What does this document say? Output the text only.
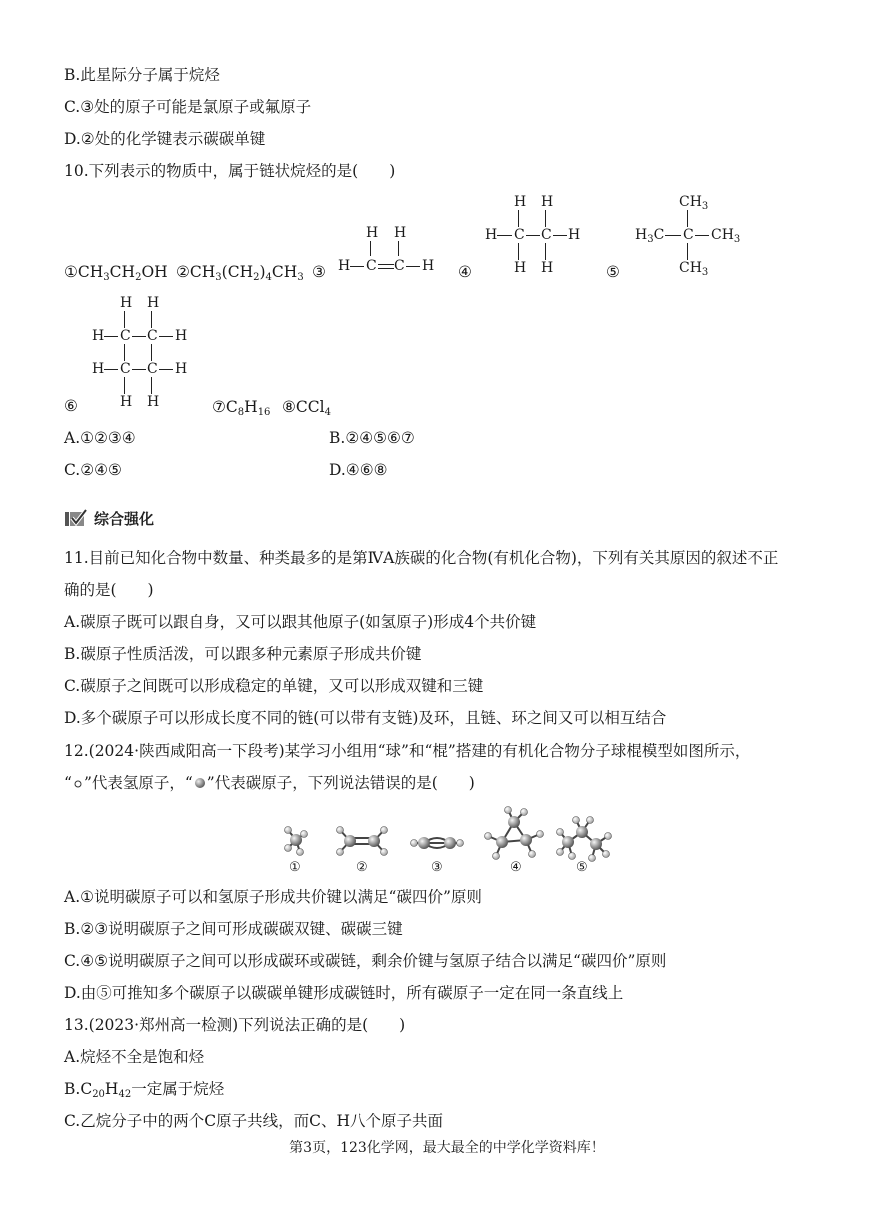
B.此星际分子属于烷烃
C.③处的原子可能是氯原子或氟原子
D.②处的化学键表示碳碳单键
10.下列表示的物质中，属于链状烷烃的是(　　)
$①CH_3CH_2OH$ $②CH_3(CH_2)_4CH_3$ ③
H H
H C C H ④
H H
H C C H
H H	⑤
$CH_3$
$H_3C$ C $CH_3$
$CH_3$
H H
H C C H
H C C H
H H
⑥	$⑦C_8H_{16}$ ⑧CCl$_4$
A.①②③④	B.②④⑤⑥⑦
C.②④⑤	D.④⑥⑧
综合强化
11.目前已知化合物中数量、种类最多的是第ⅣA族碳的化合物(有机化合物)，下列有关其原因的叙述不正
确的是(　　)
A.碳原子既可以跟自身，又可以跟其他原子(如氢原子)形成4个共价键
B.碳原子性质活泼，可以跟多种元素原子形成共价键
C.碳原子之间既可以形成稳定的单键，又可以形成双键和三键
D.多个碳原子可以形成长度不同的链(可以带有支链)及环，且链、环之间又可以相互结合
12.(2024·陕西咸阳高一下段考)某学习小组用“球”和“棍”搭建的有机化合物分子球棍模型如图所示，
“ ”代表氢原子，“ ”代表碳原子，下列说法错误的是(　　)
①	②	③	④	⑤
A.①说明碳原子可以和氢原子形成共价键以满足“碳四价”原则
B.②③说明碳原子之间可形成碳碳双键、碳碳三键
C.④⑤说明碳原子之间可以形成碳环或碳链，剩余价键与氢原子结合以满足“碳四价”原则
D.由⑤可推知多个碳原子以碳碳单键形成碳链时，所有碳原子一定在同一条直线上
13.(2023·郑州高一检测)下列说法正确的是(　　)
A.烷烃不全是饱和烃
$B.C_{20}H_{42}$一定属于烷烃
C.乙烷分子中的两个C原子共线，而C、H八个原子共面
第3页，123化学网，最大最全的中学化学资料库！
